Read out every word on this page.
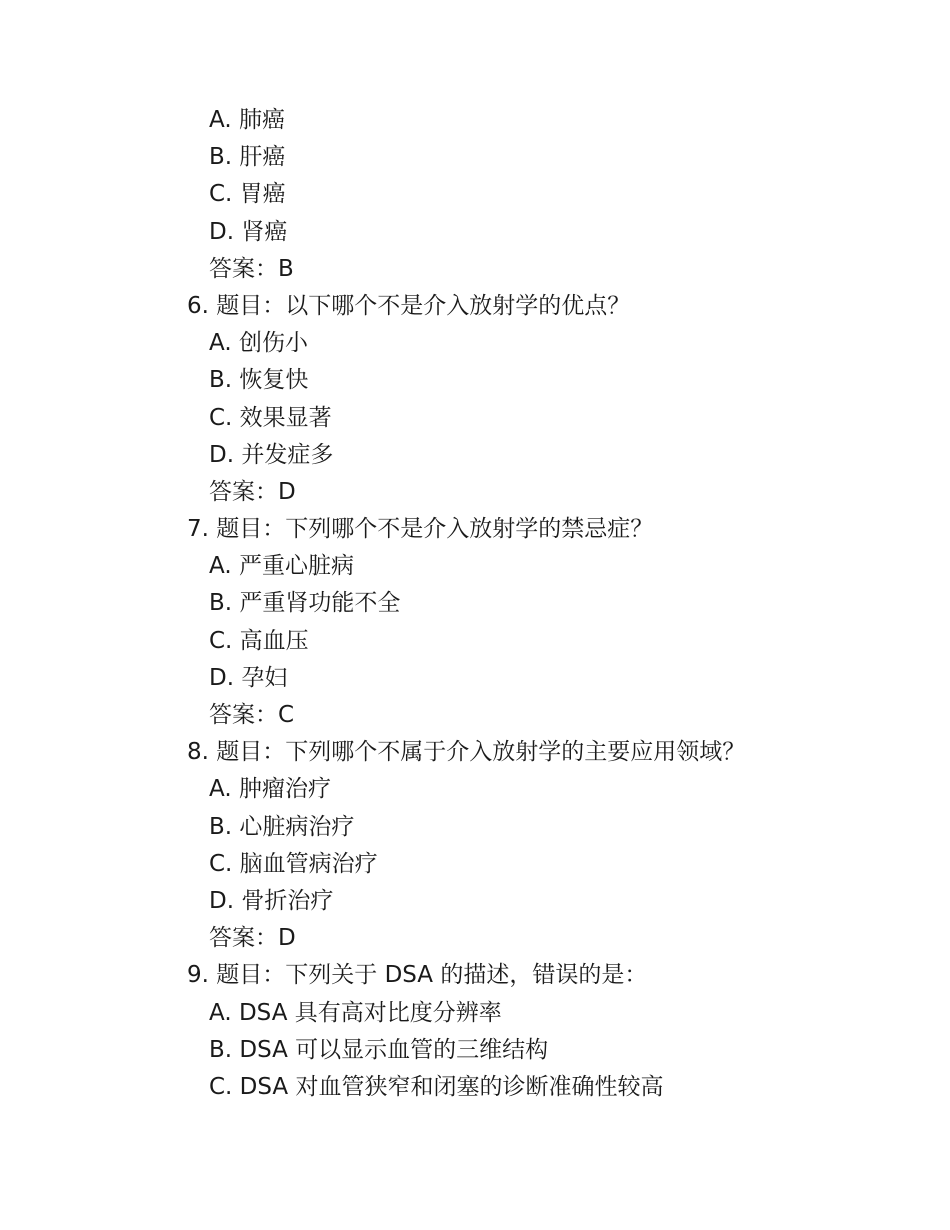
A. 肺癌
B. 肝癌
C. 胃癌
D. 肾癌
答案：B
6. 题目：以下哪个不是介入放射学的优点？
A. 创伤小
B. 恢复快
C. 效果显著
D. 并发症多
答案：D
7. 题目：下列哪个不是介入放射学的禁忌症？
A. 严重心脏病
B. 严重肾功能不全
C. 高血压
D. 孕妇
答案：C
8. 题目：下列哪个不属于介入放射学的主要应用领域？
A. 肿瘤治疗
B. 心脏病治疗
C. 脑血管病治疗
D. 骨折治疗
答案：D
9. 题目：下列关于 DSA 的描述，错误的是：
A. DSA 具有高对比度分辨率
B. DSA 可以显示血管的三维结构
C. DSA 对血管狭窄和闭塞的诊断准确性较高
